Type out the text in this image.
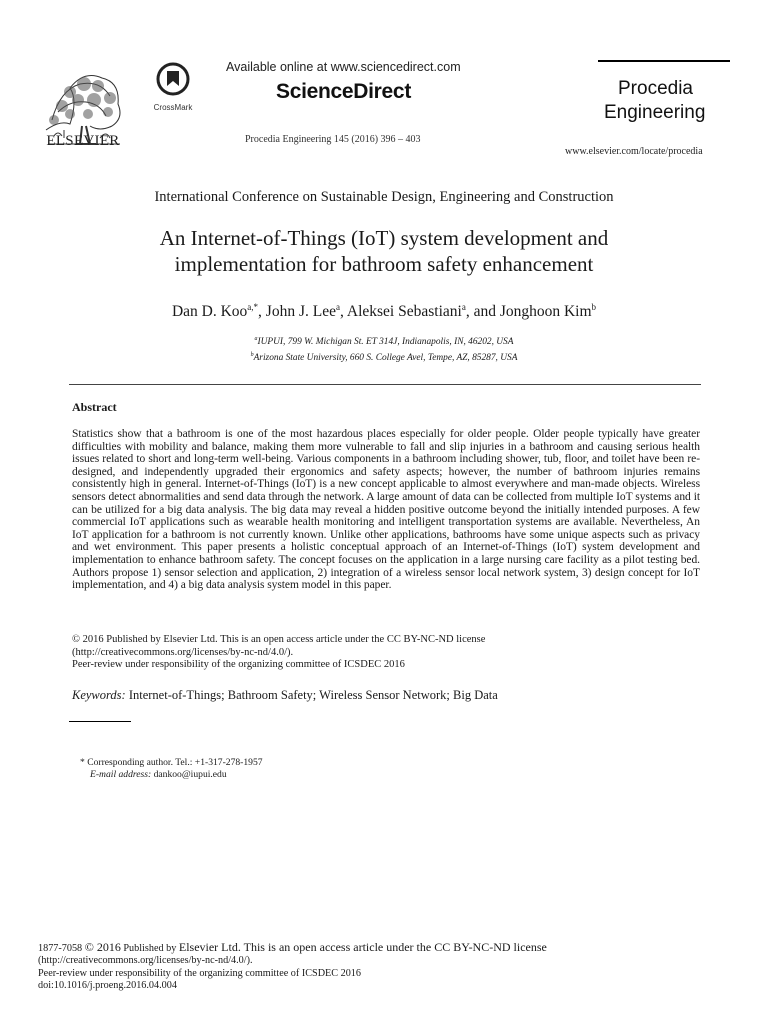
ELSEVIER
CrossMark
Available online at www.sciencedirect.com
ScienceDirect
Procedia Engineering 145 (2016) 396 – 403
Procedia
Engineering
www.elsevier.com/locate/procedia
International Conference on Sustainable Design, Engineering and Construction
An Internet-of-Things (IoT) system development and
implementation for bathroom safety enhancement
Dan D. Koo$^{a,*}$, John J. Lee$^a$, Aleksei Sebastiani$^a$, and Jonghoon Kim$^b$
$^a$IUPUI, 799 W. Michigan St. ET 314J, Indianapolis, IN, 46202, USA
$^b$Arizona State University, 660 S. College Avel, Tempe, AZ, 85287, USA
Abstract
Statistics show that a bathroom is one of the most hazardous places especially for older people. Older people typically have greater difficulties with mobility and balance, making them more vulnerable to fall and slip injuries in a bathroom and causing serious health issues related to short and long-term well-being. Various components in a bathroom including shower, tub, floor, and toilet have been re-designed, and independently upgraded their ergonomics and safety aspects; however, the number of bathroom injuries remains consistently high in general. Internet-of-Things (IoT) is a new concept applicable to almost everywhere and man-made objects. Wireless sensors detect abnormalities and send data through the network. A large amount of data can be collected from multiple IoT systems and it can be utilized for a big data analysis. The big data may reveal a hidden positive outcome beyond the initially intended purposes. A few commercial IoT applications such as wearable health monitoring and intelligent transportation systems are available. Nevertheless, An IoT application for a bathroom is not currently known. Unlike other applications, bathrooms have some unique aspects such as privacy and wet environment. This paper presents a holistic conceptual approach of an Internet-of-Things (IoT) system development and implementation to enhance bathroom safety. The concept focuses on the application in a large nursing care facility as a pilot testing bed. Authors propose 1) sensor selection and application, 2) integration of a wireless sensor local network system, 3) design concept for IoT implementation, and 4) a big data analysis system model in this paper.
© 2016 Published by Elsevier Ltd. This is an open access article under the CC BY-NC-ND license
(http://creativecommons.org/licenses/by-nc-nd/4.0/).
Peer-review under responsibility of the organizing committee of ICSDEC 2016
Keywords: Internet-of-Things; Bathroom Safety; Wireless Sensor Network; Big Data
* Corresponding author. Tel.: +1-317-278-1957
E-mail address: dankoo@iupui.edu
1877-7058 © 2016 Published by Elsevier Ltd. This is an open access article under the CC BY-NC-ND license
(http://creativecommons.org/licenses/by-nc-nd/4.0/).
Peer-review under responsibility of the organizing committee of ICSDEC 2016
doi:10.1016/j.proeng.2016.04.004
